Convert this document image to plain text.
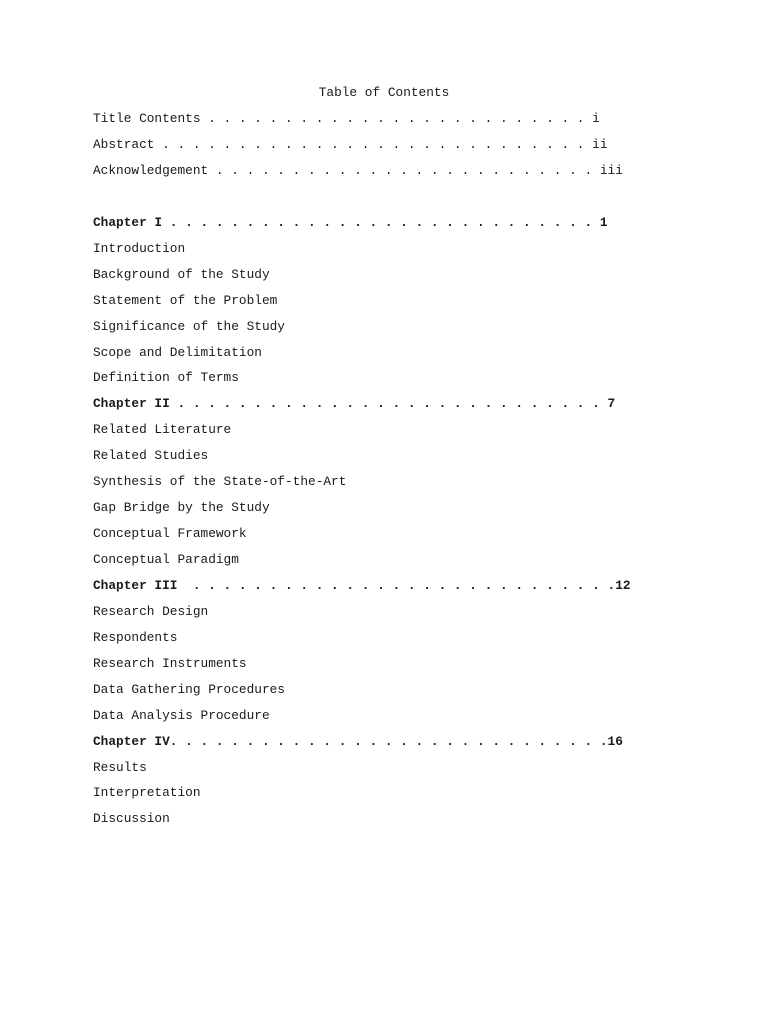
Table of Contents
Title Contents . . . . . . . . . . . . . . . . . . . . . . . . . i
Abstract . . . . . . . . . . . . . . . . . . . . . . . . . . . . ii
Acknowledgement . . . . . . . . . . . . . . . . . . . . . . . . . iii
Chapter I . . . . . . . . . . . . . . . . . . . . . . . . . . . . 1
Introduction
Background of the Study
Statement of the Problem
Significance of the Study
Scope and Delimitation
Definition of Terms
Chapter II . . . . . . . . . . . . . . . . . . . . . . . . . . . . 7
Related Literature
Related Studies
Synthesis of the State-of-the-Art
Gap Bridge by the Study
Conceptual Framework
Conceptual Paradigm
Chapter III  . . . . . . . . . . . . . . . . . . . . . . . . . . . .12
Research Design
Respondents
Research Instruments
Data Gathering Procedures
Data Analysis Procedure
Chapter IV. . . . . . . . . . . . . . . . . . . . . . . . . . . . .16
Results
Interpretation
Discussion
